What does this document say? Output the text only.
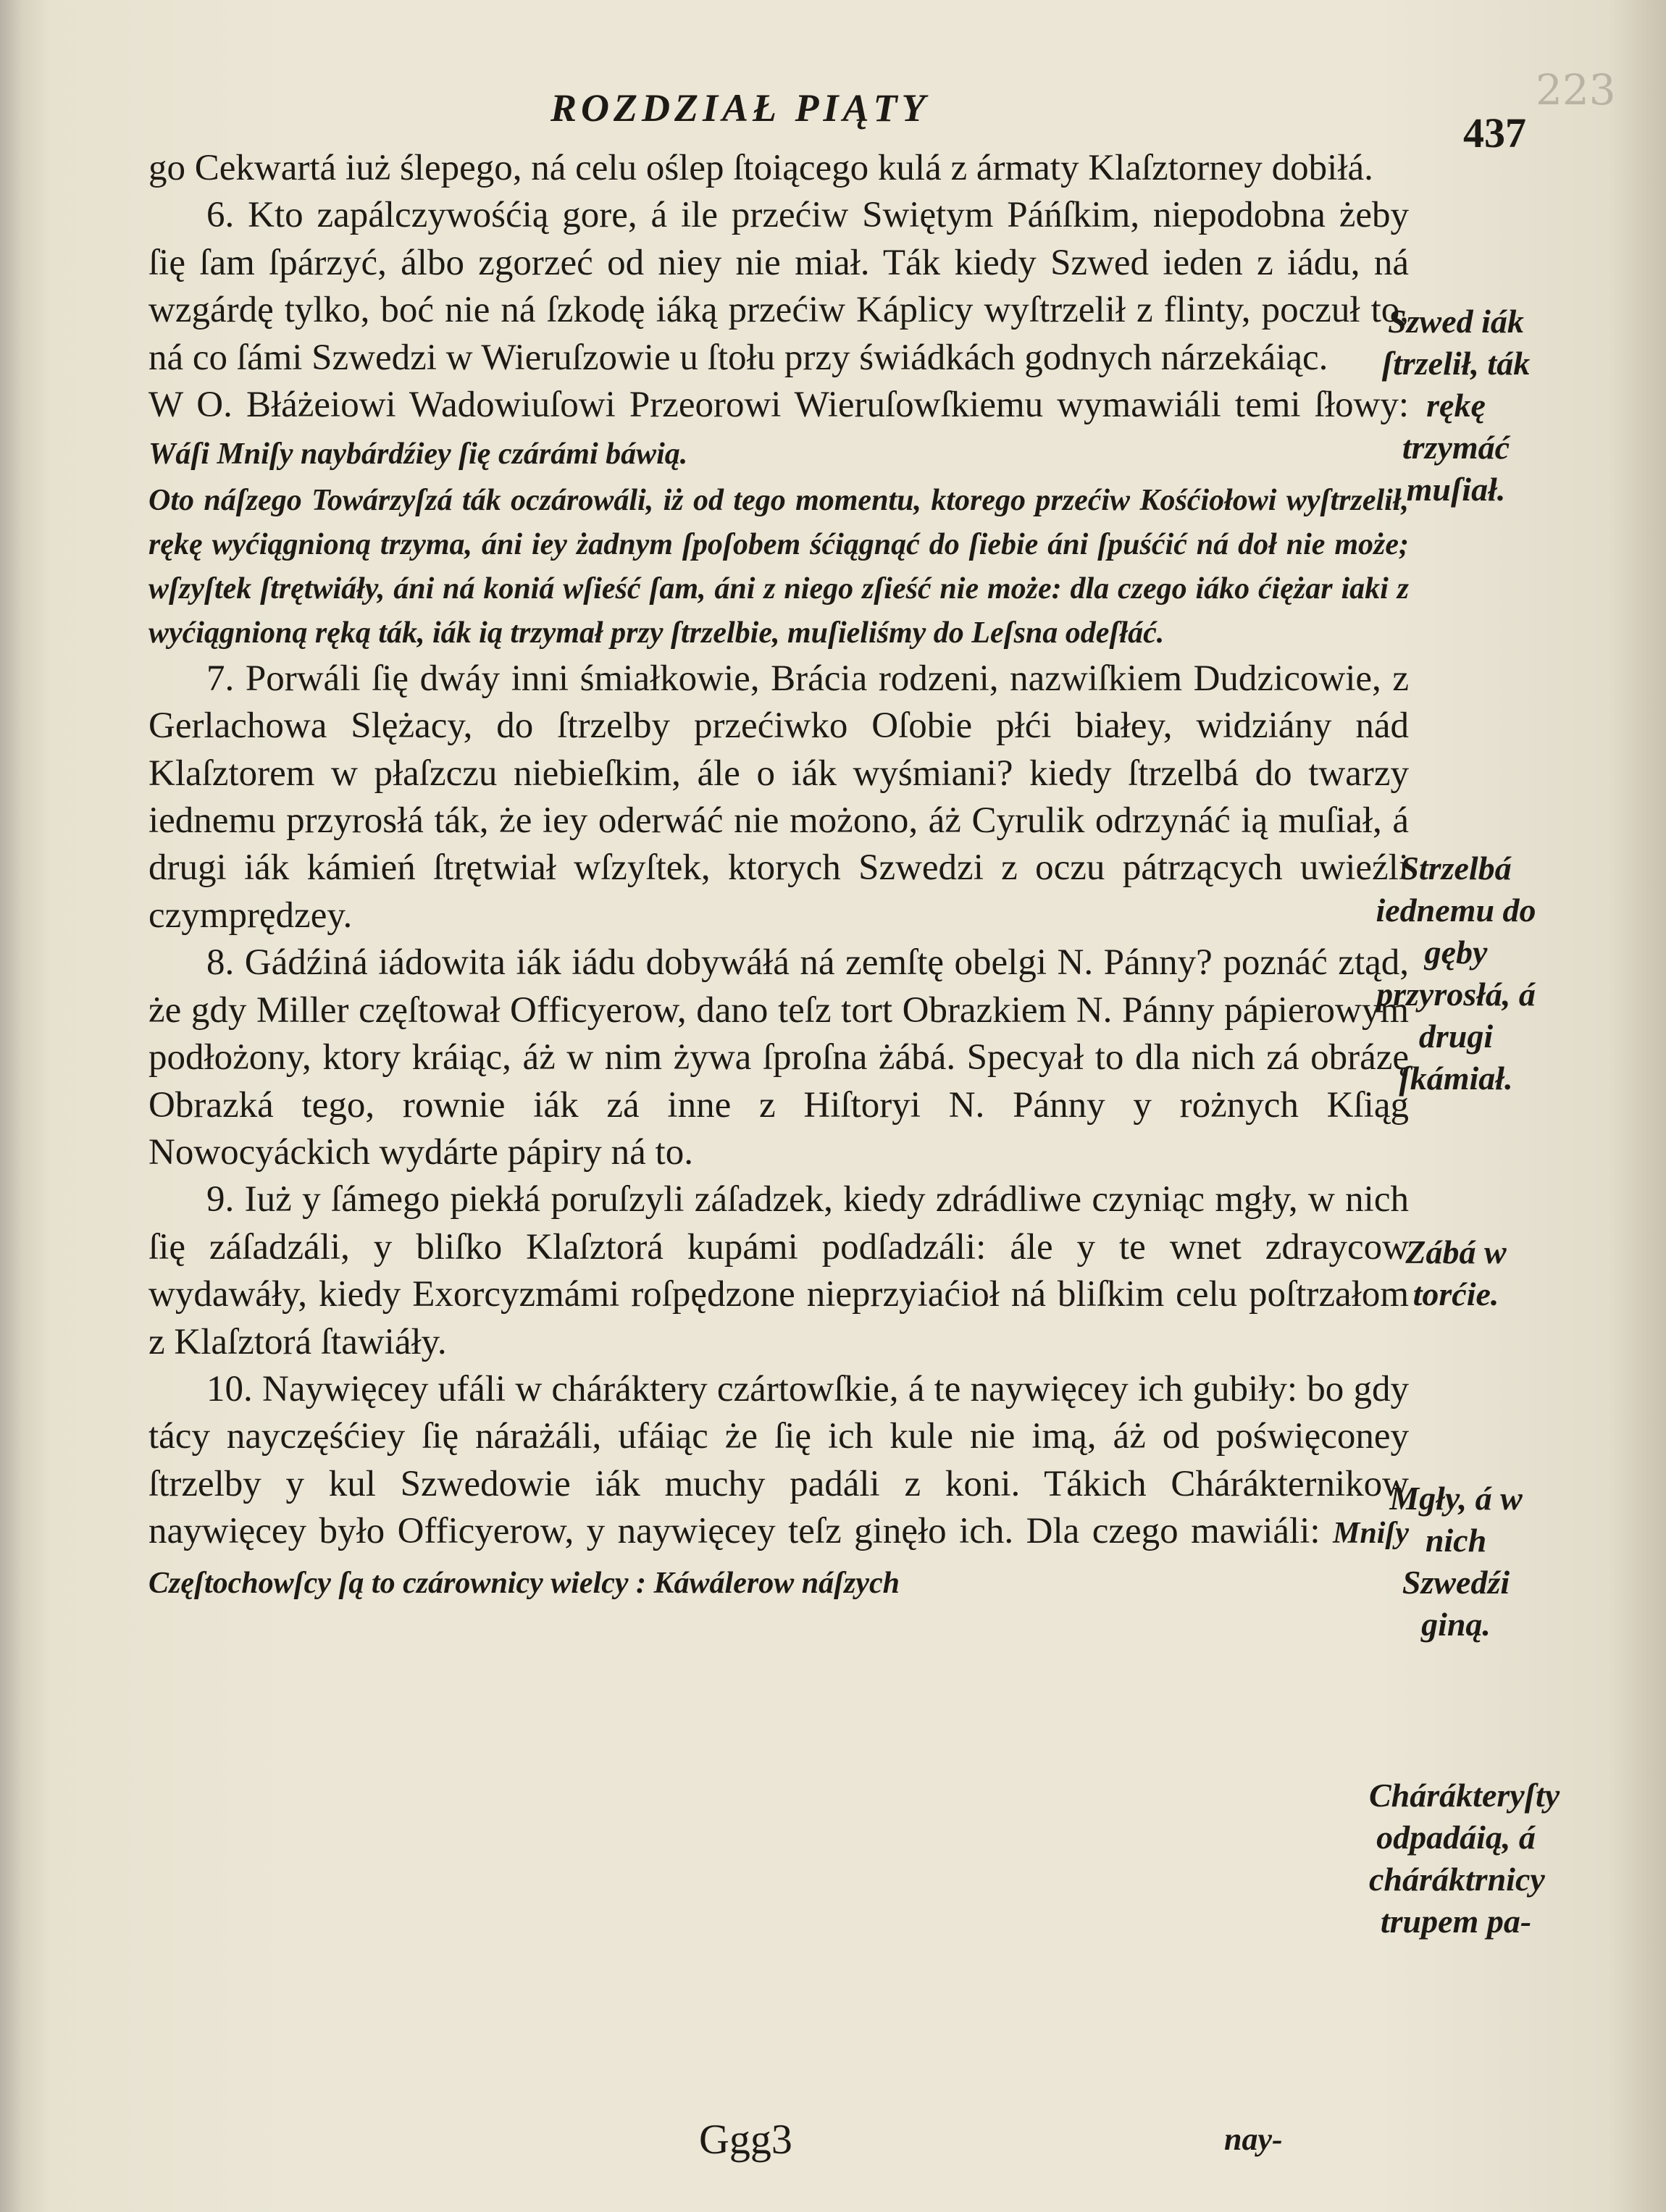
223
ROZDZIAŁ PIĄTY
437

go Cekwartá iuż ślepego, ná celu oślep ſtoiącego kulá z ármaty Klaſztorney dobiłá.

6. Kto zapálczywośćią gore, á ile przećiw Swiętym Páńſkim, niepodobna żeby ſię ſam ſpárzyć, álbo zgorzeć od niey nie miał. Ták kiedy Szwed ieden z iádu, ná wzgárdę tylko, boć nie ná ſzkodę iáką przećiw Káplicy wyſtrzelił z flinty, poczuł to, ná co ſámi Szwedzi w Wieruſzowie u ſtołu przy świádkách godnych nárzekáiąc.

W O. Błáżeiowi Wadowiuſowi Przeorowi Wieruſowſkiemu wymawiáli temi ſłowy: Wáſi Mniſy naybárdźiey ſię czárámi báwią.

Oto náſzego Towárzyſzá ták oczárowáli, iż od tego momentu, ktorego przećiw Kośćiołowi wyſtrzelił, rękę wyćiągnioną trzyma, áni iey żadnym ſpoſobem śćiągnąć do ſiebie áni ſpuśćić ná doł nie może; wſzyſtek ſtrętwiáły, áni ná koniá wſieść ſam, áni z niego zſieść nie może: dla czego iáko ćiężar iaki z wyćiągnioną ręką ták, iák ią trzymał przy ſtrzelbie, muſieliśmy do Leſsna odeſłáć.

7. Porwáli ſię dwáy inni śmiałkowie, Brácia rodzeni, nazwiſkiem Dudzicowie, z Gerlachowa Slężacy, do ſtrzelby przećiwko Oſobie płći białey, widziány nád Klaſztorem w płaſzczu niebieſkim, ále o iák wyśmiani? kiedy ſtrzelbá do twarzy iednemu przyrosłá ták, że iey oderwáć nie możono, áż Cyrulik odrzynáć ią muſiał, á drugi iák kámień ſtrętwiał wſzyſtek, ktorych Szwedzi z oczu pátrzących uwieźli czymprędzey.

8. Gádźiná iádowita iák iádu dobywáłá ná zemſtę obelgi N. Pánny? poznáć ztąd, że gdy Miller częſtował Officyerow, dano teſz tort Obrazkiem N. Pánny pápierowym podłożony, ktory kráiąc, áż w nim żywa ſproſna żábá. Specyał to dla nich zá obrázę Obrazká tego, rownie iák zá inne z Hiſtoryi N. Pánny y rożnych Kſiąg Nowocyáckich wydárte pápiry ná to.

9. Iuż y ſámego piekłá poruſzyli záſadzek, kiedy zdrádliwe czyniąc mgły, w nich ſię záſadzáli, y bliſko Klaſztorá kupámi podſadzáli: ále y te wnet zdraycow wydawáły, kiedy Exorcyzmámi roſpędzone nieprzyiaćioł ná bliſkim celu poſtrzałom z Klaſztorá ſtawiáły.

10. Naywięcey ufáli w cháráktery czártowſkie, á te naywięcey ich gubiły: bo gdy tácy nayczęśćiey ſię nárażáli, ufáiąc że ſię ich kule nie imą, áż od poświęconey ſtrzelby y kul Szwedowie iák muchy padáli z koni. Tákich Chárákternikow naywięcey było Officyerow, y naywięcey teſz ginęło ich. Dla czego mawiáli: Mniſy Częſtochowſcy ſą to czárownicy wielcy : Káwálerow náſzych

Szwed iák ſtrzelił, ták rękę trzymáć muſiał.
Strzelbá iednemu do gęby przyrosłá, á drugi ſkámiał.
Zábá w torćie.
Mgły, á w nich Szwedźi giną.
Chárákteryſty odpadáią, á cháráktrnicy trupem pa-
Ggg3	nay-
